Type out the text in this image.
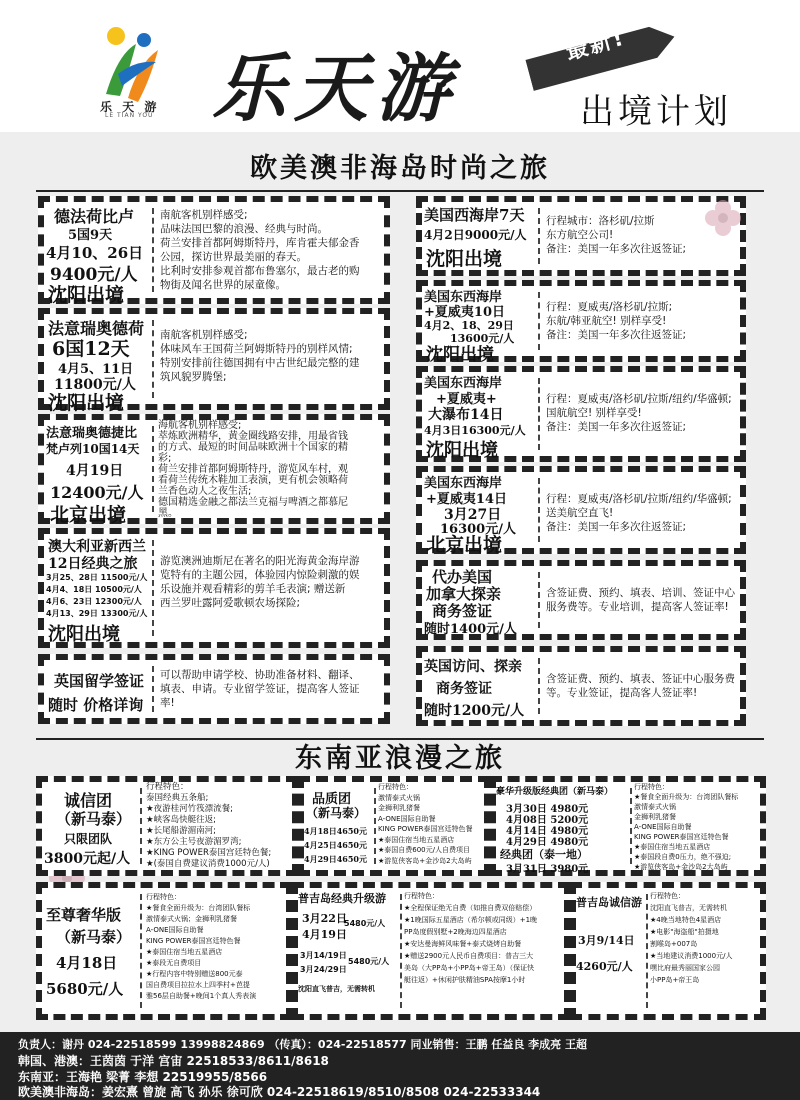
乐 天 游
LE TIAN YOU 乐天游
最新!
出境计划
欧美澳非海岛时尚之旅
德法荷比卢
5国9天
4月10、26日
9400元/人
沈阳出境
南航客机别样感受;
品味法国巴黎的浪漫、经典与时尚。
荷兰安排首都阿姆斯特丹，库肯霍夫郁金香
公园，探访世界最美丽的春天。
比利时安排参观首都布鲁塞尔，最古老的购
物街及闻名世界的尿童像。
法意瑞奥德荷
6国12天
4月5、11日
11800元/人
沈阳出境
南航客机别样感受;
体味风车王国荷兰阿姆斯特丹的别样风情;
特别安排前往德国拥有中古世纪最完整的建
筑风貌罗腾堡;
法意瑞奥德捷比
梵卢列10国14天
4月19日
12400元/人
北京出境
海航客机别样感受;
萃炼欧洲精华，黄金圈线路安排，用最省钱
的方式、最短的时间品味欧洲十个国家的精
彩;
荷兰安排首都阿姆斯特丹，游览风车村，观
看荷兰传统木鞋加工表演，更有机会领略荷
兰香色动人之夜生活;
德国精选金融之都法兰克福与啤酒之都慕尼
黑。
澳大利亚新西兰
12日经典之旅
3月25、28日 11500元/人
4月4、18日 10500元/人
4月6、23日 12300元/人
4月13、29日 13300元/人
沈阳出境
游览澳洲迪斯尼在著名的阳光海黄金海岸游
览特有的主题公园，体验园内惊险刺激的娱
乐设施并观看精彩的剪羊毛表演; 赠送新
西兰罗吐露阿爱歌顿农场探险;
英国留学签证
随时 价格详询
可以帮助申请学校、协助准备材料、翻译、
填表、申请。专业留学签证，提高客人签证
率!
美国西海岸7天
4月2日9000元/人
沈阳出境
行程城市：洛杉矶/拉斯
东方航空公司!
备注：美国一年多次往返签证;
美国东西海岸
+夏威夷10日
4月2、18、29日
13600元/人
沈阳出境
行程：夏威夷/洛杉矶/拉斯;
东航/韩亚航空! 别样享受!
备注：美国一年多次往返签证;
美国东西海岸
+夏威夷+
大瀑布14日
4月3日16300元/人
沈阳出境
行程：夏威夷/洛杉矶/拉斯/纽约/华盛顿;
国航航空! 别样享受!
备注：美国一年多次往返签证;
美国东西海岸
+夏威夷14日
3月27日
16300元/人
北京出境
行程：夏威夷/洛杉矶/拉斯/纽约/华盛顿;
送美航空直飞!
备注：美国一年多次往返签证;
代办美国
加拿大探亲
商务签证
随时1400元/人
含签证费、预约、填表、培训、签证中心
服务费等。专业培训，提高客人签证率!
英国访问、探亲
商务签证
随时1200元/人
含签证费、预约、填表、签证中心服务费
等。专业签证，提高客人签证率!
东南亚浪漫之旅
诚信团
（新马泰）
只限团队
3800元起/人
行程特色：
泰国经典五条船;
★夜游桂河竹筏漂流餐;
★峡客岛快艇往返;
★长尾船游湄南河;
★东方公主号夜游湄罗湾;
★KING POWER泰国宫廷特色餐;
★(泰国自费建议消费1000元/人)
品质团
（新马泰）
4月18日4650元
4月25日4650元
4月29日4650元
行程特色：
激情泰式火锅
金狮利乳猪餐
A-ONE国际自助餐
KING POWER泰国宫廷特色餐
★泰国住宿当地五星酒店
★泰国自费600元/人自费项目
★游览侠客岛+金沙岛2大岛屿
豪华升级版经典团（新马泰）
3月30日 4980元
4月08日 5200元
4月14日 4980元
4月29日 4980元
经典团（泰一地）
3月31日 3980元
行程特色：
★餐食全面升级为：台湾团队餐标
激情泰式火锅
金狮利乳猪餐
A-ONE国际自助餐
KING POWER泰国宫廷特色餐
★泰国住宿当地五星酒店
★泰国段自费0压力，绝不强迫;
★游览侠客岛+金沙岛2大岛屿
至尊奢华版
（新马泰）
4月18日
5680元/人
行程特色：
★餐食全面升级为：台湾团队餐标
激情泰式火锅；金狮利乳猪餐
A-ONE国际自助餐
KING POWER泰国宫廷特色餐
★泰国住宿当地五星酒店
★泰段无自费项目
★行程内容中特别赠送800元泰
国自费项目拉拉水上四季村+芭提
雅56层自助餐+晚间1个真人秀表演
普吉岛经典升级游
3月22日
4月19日
5480元/人
3月14/19日
3月24/29日
5480元/人
沈阳直飞普吉，无需转机
行程特色：
★全程保证绝无自费（如推自费双倍赔偿）
★1晚国际五星酒店（希尔顿或同级）+1晚
PP岛度假别墅+2晚海边四星酒店
★安达曼海鲜风味餐+泰式烧烤自助餐
★赠送2900元人民币自费项目：普吉三大
美岛（大PP岛+小PP岛+帝王岛）（保证快
艇往返）+休闲护肤精油SPA按摩1小时
普吉岛诚信游
3月9/14日
4260元/人
行程特色：
沈阳直飞普吉，无需转机
★4晚当地特色4星酒店
★电影"海盗船"拍摄地
割喉岛+007岛
★当地建议消费1000元/人
嘿比府最秀丽国家公园
小PP岛+帝王岛
负责人：谢丹 024-22518599 13998824869 （传真）：024-22518577 同业销售：王鹏 任益良 李成亮 王超
韩国、港澳：王茵茵 于洋 宫宙 22518533/8611/8618
东南亚：王海艳 梁菁 李想 22519955/8566
欧美澳非海岛：姜宏熹 曾旋 高飞 孙乐 徐可欣 024-22518619/8510/8508 024-22533344
